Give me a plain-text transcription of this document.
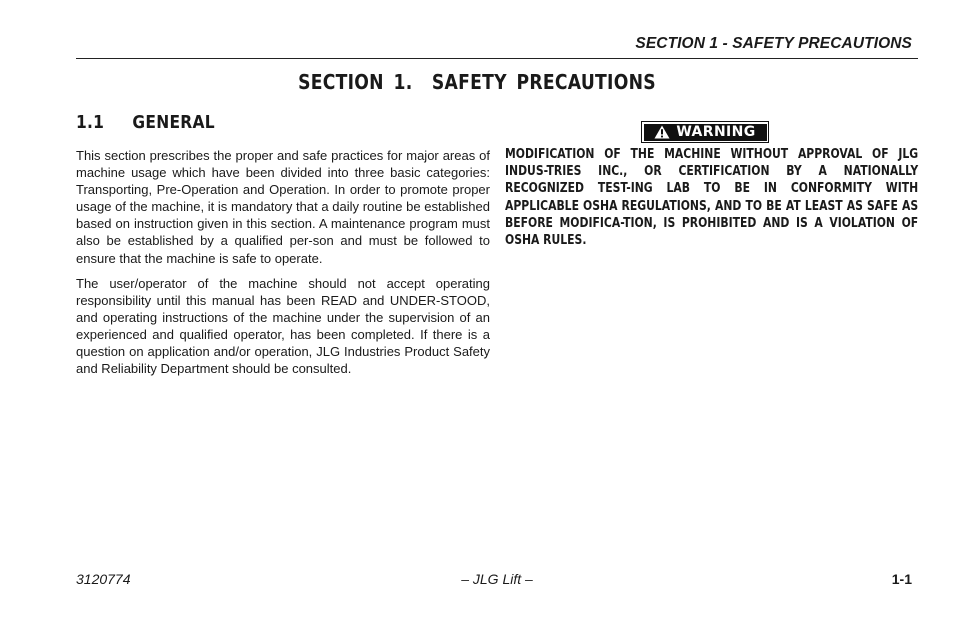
SECTION 1 - SAFETY PRECAUTIONS
SECTION 1.  SAFETY PRECAUTIONS
1.1     GENERAL

This section prescribes the proper and safe practices for major areas of machine usage which have been divided into three basic categories: Transporting, Pre-Operation and Operation. In order to promote proper usage of the machine, it is mandatory that a daily routine be established based on instruction given in this section. A maintenance program must also be established by a qualified per-son and must be followed to ensure that the machine is safe to operate.

The user/operator of the machine should not accept operating responsibility until this manual has been READ and UNDER-STOOD, and operating instructions of the machine under the supervision of an experienced and qualified operator, has been completed. If there is a question on application and/or operation, JLG Industries Product Safety and Reliability Department should be consulted.

WARNING
MODIFICATION OF THE MACHINE WITHOUT APPROVAL OF JLG INDUS-TRIES INC., OR CERTIFICATION BY A NATIONALLY RECOGNIZED TEST-ING LAB TO BE IN CONFORMITY WITH APPLICABLE OSHA REGULATIONS, AND TO BE AT LEAST AS SAFE AS BEFORE MODIFICA-TION, IS PROHIBITED AND IS A VIOLATION OF OSHA RULES.
3120774	– JLG Lift –	1-1
